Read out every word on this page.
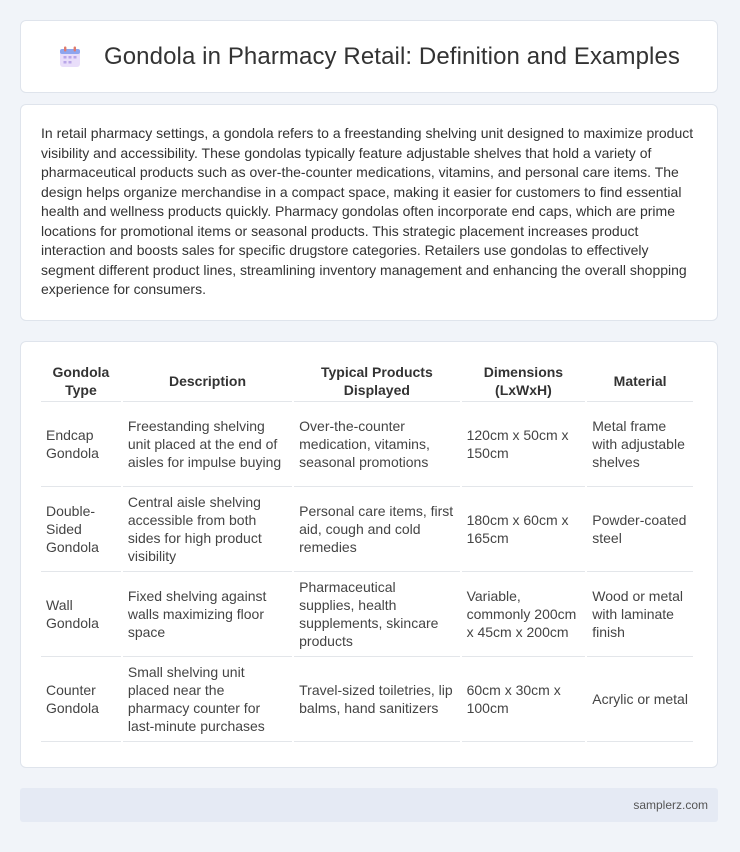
Gondola in Pharmacy Retail: Definition and Examples

In retail pharmacy settings, a gondola refers to a freestanding shelving unit designed to maximize product visibility and accessibility. These gondolas typically feature adjustable shelves that hold a variety of pharmaceutical products such as over-the-counter medications, vitamins, and personal care items. The design helps organize merchandise in a compact space, making it easier for customers to find essential health and wellness products quickly. Pharmacy gondolas often incorporate end caps, which are prime locations for promotional items or seasonal products. This strategic placement increases product interaction and boosts sales for specific drugstore categories. Retailers use gondolas to effectively segment different product lines, streamlining inventory management and enhancing the overall shopping experience for consumers.

Gondola Type	Description	Typical Products Displayed	Dimensions (LxWxH)	Material
Endcap Gondola	Freestanding shelving unit placed at the end of aisles for impulse buying	Over-the-counter medication, vitamins, seasonal promotions	120cm x 50cm x 150cm	Metal frame with adjustable shelves
Double-Sided Gondola	Central aisle shelving accessible from both sides for high product visibility	Personal care items, first aid, cough and cold remedies	180cm x 60cm x 165cm	Powder-coated steel
Wall Gondola	Fixed shelving against walls maximizing floor space	Pharmaceutical supplies, health supplements, skincare products	Variable, commonly 200cm x 45cm x 200cm	Wood or metal with laminate finish
Counter Gondola	Small shelving unit placed near the pharmacy counter for last-minute purchases	Travel-sized toiletries, lip balms, hand sanitizers	60cm x 30cm x 100cm	Acrylic or metal
samplerz.com
